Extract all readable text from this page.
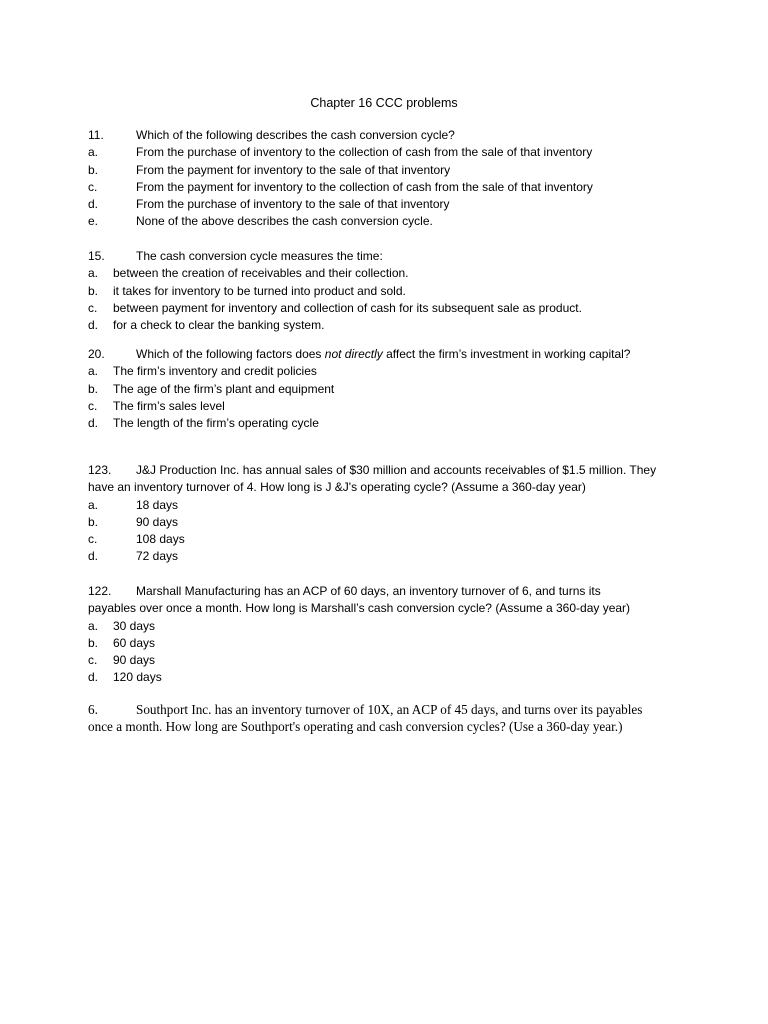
Chapter 16 CCC problems
11.	Which of the following describes the cash conversion cycle?
a.	From the purchase of inventory to the collection of cash from the sale of that inventory
b.	From the payment for inventory to the sale of that inventory
c.	From the payment for inventory to the collection of cash from the sale of that inventory
d.	From the purchase of inventory to the sale of that inventory
e.	None of the above describes the cash conversion cycle.
15.	The cash conversion cycle measures the time:
a.	between the creation of receivables and their collection.
b.	it takes for inventory to be turned into product and sold.
c.	between payment for inventory and collection of cash for its subsequent sale as product.
d.	for a check to clear the banking system.
20.	Which of the following factors does not directly affect the firm’s investment in working capital?
a.	The firm’s inventory and credit policies
b.	The age of the firm’s plant and equipment
c.	The firm’s sales level
d.	The length of the firm’s operating cycle
123.	J&J Production Inc. has annual sales of $30 million and accounts receivables of $1.5 million. They
have an inventory turnover of 4. How long is J &J's operating cycle? (Assume a 360-day year)
a.	18 days
b.	90 days
c.	108 days
d.	72 days
122.	Marshall Manufacturing has an ACP of 60 days, an inventory turnover of 6, and turns its
payables over once a month. How long is Marshall’s cash conversion cycle? (Assume a 360-day year)
a.	30 days
b.	60 days
c.	90 days
d.	120 days
6.	Southport Inc. has an inventory turnover of 10X, an ACP of 45 days, and turns over its payables
once a month. How long are Southport's operating and cash conversion cycles? (Use a 360-day year.)
